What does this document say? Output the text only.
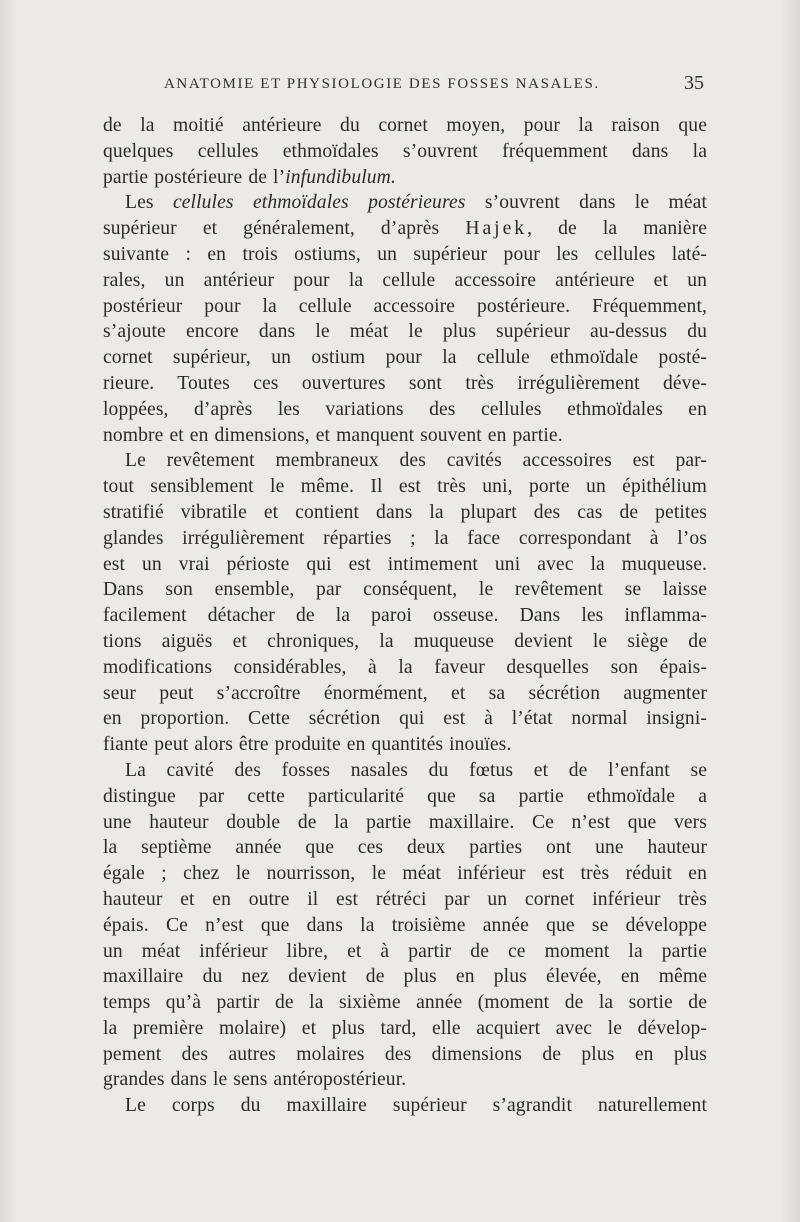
ANATOMIE ET PHYSIOLOGIE DES FOSSES NASALES.	35

de la moitié antérieure du cornet moyen, pour la raison que
quelques cellules ethmoïdales s’ouvrent fréquemment dans la
partie postérieure de l’infundibulum.

Les cellules ethmoïdales postérieures s’ouvrent dans le méat
supérieur et généralement, d’après Hajek, de la manière
suivante : en trois ostiums, un supérieur pour les cellules laté-
rales, un antérieur pour la cellule accessoire antérieure et un
postérieur pour la cellule accessoire postérieure. Fréquemment,
s’ajoute encore dans le méat le plus supérieur au-dessus du
cornet supérieur, un ostium pour la cellule ethmoïdale posté-
rieure. Toutes ces ouvertures sont très irrégulièrement déve-
loppées, d’après les variations des cellules ethmoïdales en
nombre et en dimensions, et manquent souvent en partie.

Le revêtement membraneux des cavités accessoires est par-
tout sensiblement le même. Il est très uni, porte un épithélium
stratifié vibratile et contient dans la plupart des cas de petites
glandes irrégulièrement réparties ; la face correspondant à l’os
est un vrai périoste qui est intimement uni avec la muqueuse.
Dans son ensemble, par conséquent, le revêtement se laisse
facilement détacher de la paroi osseuse. Dans les inflamma-
tions aiguës et chroniques, la muqueuse devient le siège de
modifications considérables, à la faveur desquelles son épais-
seur peut s’accroître énormément, et sa sécrétion augmenter
en proportion. Cette sécrétion qui est à l’état normal insigni-
fiante peut alors être produite en quantités inouïes.

La cavité des fosses nasales du fœtus et de l’enfant se
distingue par cette particularité que sa partie ethmoïdale a
une hauteur double de la partie maxillaire. Ce n’est que vers
la septième année que ces deux parties ont une hauteur
égale ; chez le nourrisson, le méat inférieur est très réduit en
hauteur et en outre il est rétréci par un cornet inférieur très
épais. Ce n’est que dans la troisième année que se développe
un méat inférieur libre, et à partir de ce moment la partie
maxillaire du nez devient de plus en plus élevée, en même
temps qu’à partir de la sixième année (moment de la sortie de
la première molaire) et plus tard, elle acquiert avec le dévelop-
pement des autres molaires des dimensions de plus en plus
grandes dans le sens antéropostérieur.

Le corps du maxillaire supérieur s’agrandit naturellement
